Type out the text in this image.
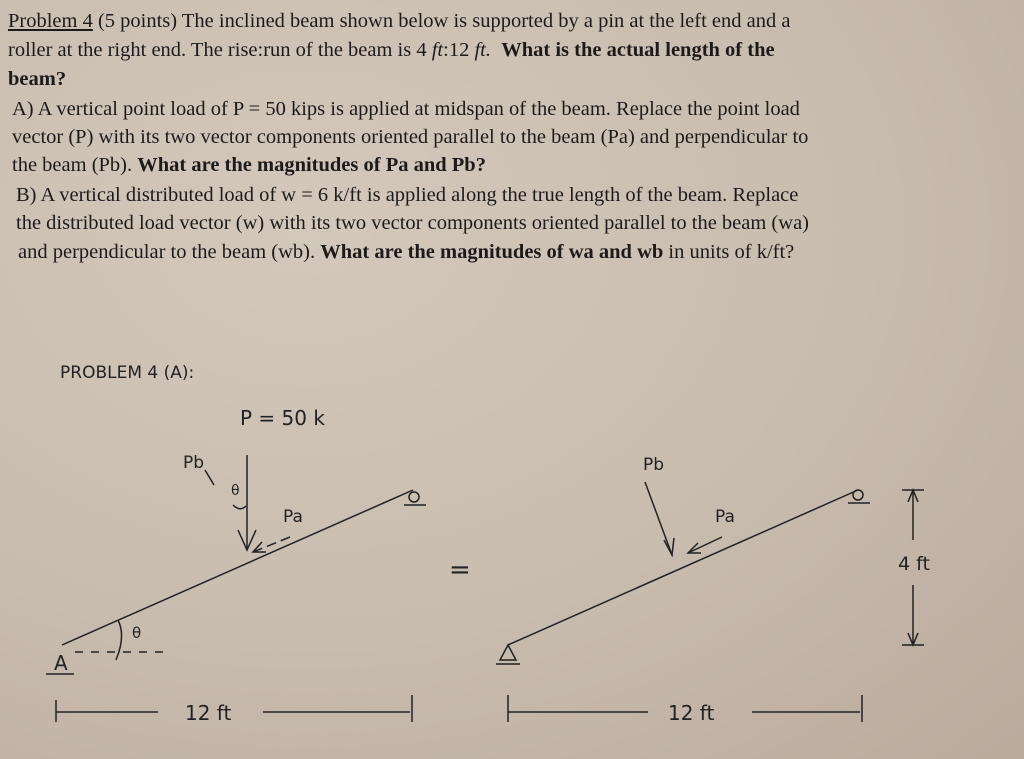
Problem 4 (5 points) The inclined beam shown below is supported by a pin at the left end and a
roller at the right end. The rise:run of the beam is 4 ft:12 ft. What is the actual length of the
beam?
A) A vertical point load of P = 50 kips is applied at midspan of the beam. Replace the point load
vector (P) with its two vector components oriented parallel to the beam (Pa) and perpendicular to
the beam (Pb). What are the magnitudes of Pa and Pb?
B) A vertical distributed load of w = 6 k/ft is applied along the true length of the beam. Replace
the distributed load vector (w) with its two vector components oriented parallel to the beam (wa)
and perpendicular to the beam (wb). What are the magnitudes of wa and wb in units of k/ft?
PROBLEM 4 (A):
P = 50 k
A
θ
Pb
θ
Pa
=
Pb
Pa
4 ft
12 ft	12 ft
